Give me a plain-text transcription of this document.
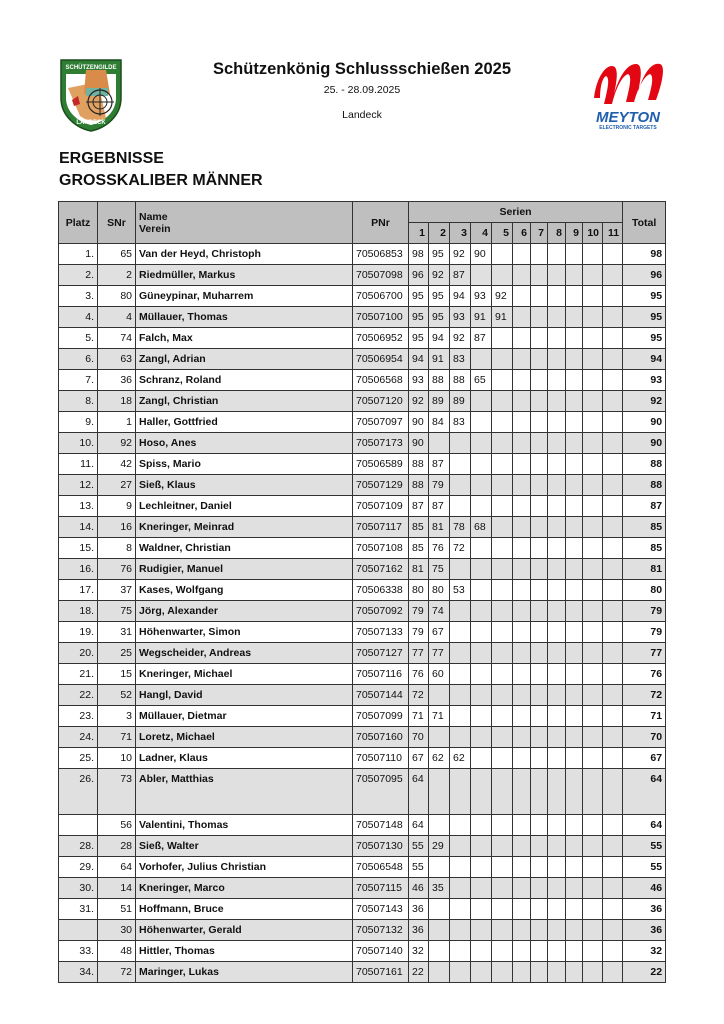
SCHÜTZENGILDE
LANDECK
Schützenkönig Schlussschießen 2025
25. - 28.09.2025
Landeck	MEYTON
ELECTRONIC TARGETS
ERGEBNISSE
GROSSKALIBER MÄNNER
Platz	SNr	Name
Verein	PNr	Serien											Total
				1	2	3	4	5	6	7	8	9	10	11	
1.	65	Van der Heyd, Christoph	70506853	98	95	92	90								98
2.	2	Riedmüller, Markus	70507098	96	92	87									96
3.	80	Güneypinar, Muharrem	70506700	95	95	94	93	92							95
4.	4	Müllauer, Thomas	70507100	95	95	93	91	91							95
5.	74	Falch, Max	70506952	95	94	92	87								95
6.	63	Zangl, Adrian	70506954	94	91	83									94
7.	36	Schranz, Roland	70506568	93	88	88	65								93
8.	18	Zangl, Christian	70507120	92	89	89									92
9.	1	Haller, Gottfried	70507097	90	84	83									90
10.	92	Hoso, Anes	70507173	90											90
11.	42	Spiss, Mario	70506589	88	87										88
12.	27	Sieß, Klaus	70507129	88	79										88
13.	9	Lechleitner, Daniel	70507109	87	87										87
14.	16	Kneringer, Meinrad	70507117	85	81	78	68								85
15.	8	Waldner, Christian	70507108	85	76	72									85
16.	76	Rudigier, Manuel	70507162	81	75										81
17.	37	Kases, Wolfgang	70506338	80	80	53									80
18.	75	Jörg, Alexander	70507092	79	74										79
19.	31	Höhenwarter, Simon	70507133	79	67										79
20.	25	Wegscheider, Andreas	70507127	77	77										77
21.	15	Kneringer, Michael	70507116	76	60										76
22.	52	Hangl, David	70507144	72											72
23.	3	Müllauer, Dietmar	70507099	71	71										71
24.	71	Loretz, Michael	70507160	70											70
25.	10	Ladner, Klaus	70507110	67	62	62									67
26.	73	Abler, Matthias	70507095	64											64
	56	Valentini, Thomas	70507148	64											64
28.	28	Sieß, Walter	70507130	55	29										55
29.	64	Vorhofer, Julius Christian	70506548	55											55
30.	14	Kneringer, Marco	70507115	46	35										46
31.	51	Hoffmann, Bruce	70507143	36											36
	30	Höhenwarter, Gerald	70507132	36											36
33.	48	Hittler, Thomas	70507140	32											32
34.	72	Maringer, Lukas	70507161	22											22
